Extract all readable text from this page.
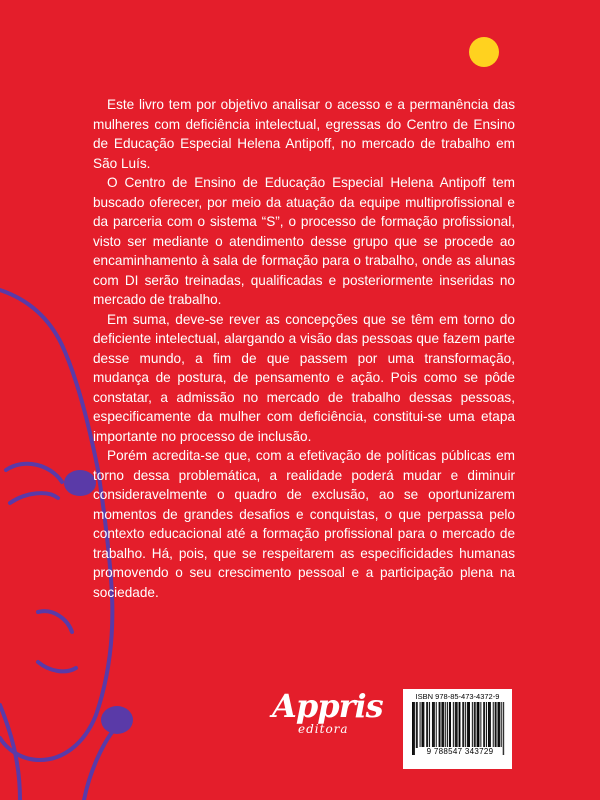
Este livro tem por objetivo analisar o acesso e a permanência das mulheres com deficiência intelectual, egressas do Centro de Ensino de Educação Especial Helena Antipoff, no mercado de trabalho em São Luís.

O Centro de Ensino de Educação Especial Helena Antipoff tem buscado oferecer, por meio da atuação da equipe multiprofissional e da parceria com o sistema “S”, o processo de formação profissional, visto ser mediante o atendimento desse grupo que se procede ao encaminhamento à sala de formação para o trabalho, onde as alunas com DI serão treinadas, qualificadas e posteriormente inseridas no mercado de trabalho.

Em suma, deve-se rever as concepções que se têm em torno do deficiente intelectual, alargando a visão das pessoas que fazem parte desse mundo, a fim de que passem por uma transformação, mudança de postura, de pensamento e ação. Pois como se pôde constatar, a admissão no mercado de trabalho dessas pessoas, especificamente da mulher com deficiência, constitui-se uma etapa importante no processo de inclusão.

Porém acredita-se que, com a efetivação de políticas públicas em torno dessa problemática, a realidade poderá mudar e diminuir consideravelmente o quadro de exclusão, ao se oportunizarem momentos de grandes desafios e conquistas, o que perpassa pelo contexto educacional até a formação profissional para o mercado de trabalho. Há, pois, que se respeitarem as especificidades humanas promovendo o seu crescimento pessoal e a participação plena na sociedade.

Appris
editora
ISBN 978-85-473-4372-9
9 788547 343729
